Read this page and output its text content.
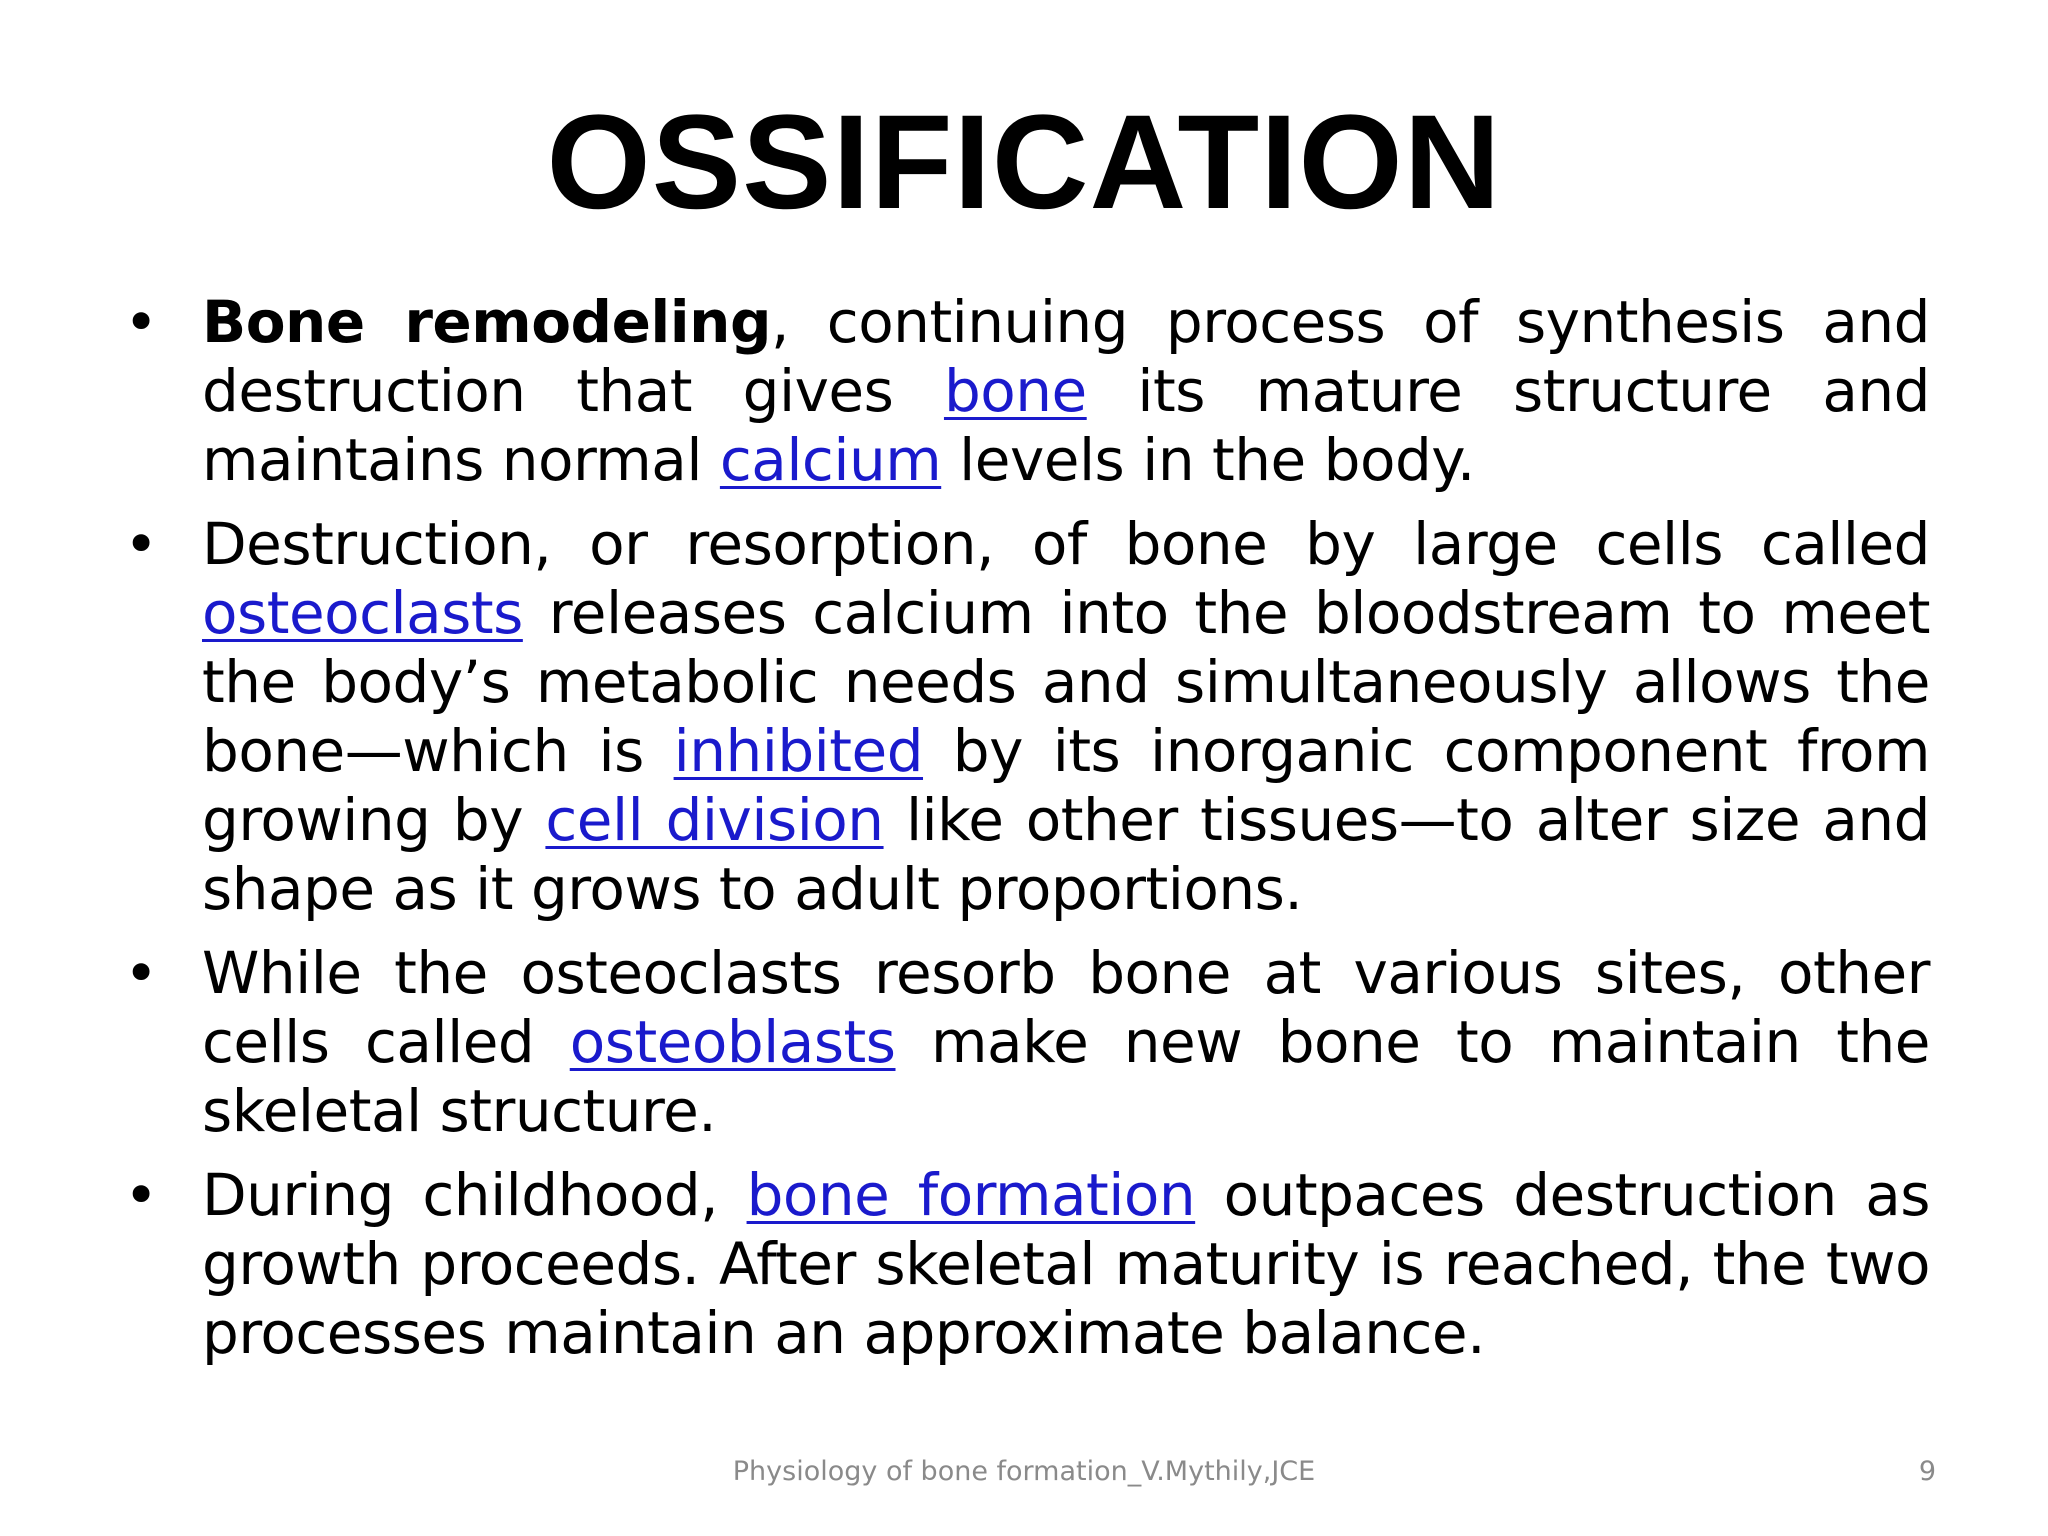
OSSIFICATION
• Bone remodeling, continuing process of synthesis and destruction that gives bone its mature structure and maintains normal calcium levels in the body.
• Destruction, or resorption, of bone by large cells called osteoclasts releases calcium into the bloodstream to meet the body’s metabolic needs and simultaneously allows the bone—which is inhibited by its inorganic component from growing by cell division like other tissues—to alter size and shape as it grows to adult proportions.
• While the osteoclasts resorb bone at various sites, other cells called osteoblasts make new bone to maintain the skeletal structure.
• During childhood, bone formation outpaces destruction as growth proceeds. After skeletal maturity is reached, the two processes maintain an approximate balance.
Physiology of bone formation_V.Mythily,JCE	9
